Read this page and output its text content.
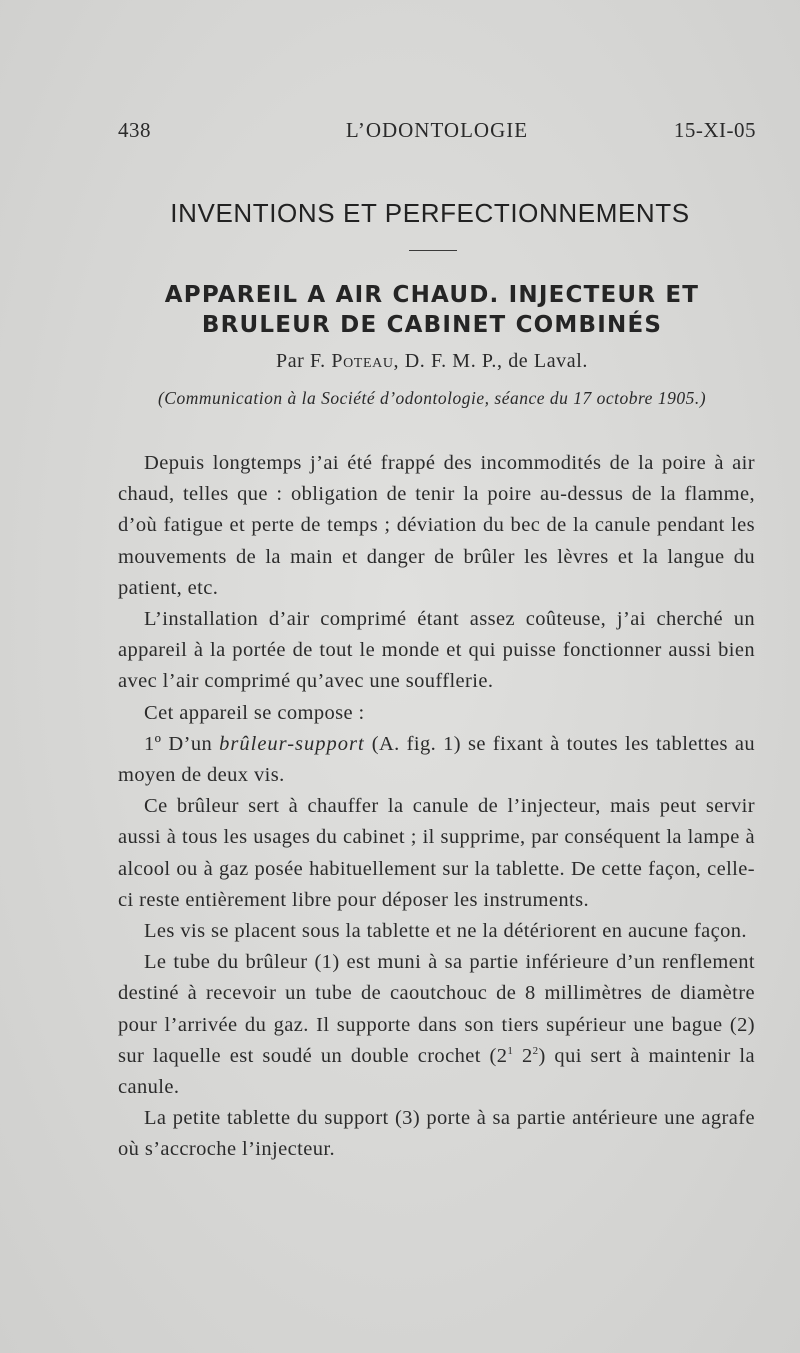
438	L’ODONTOLOGIE	15-XI-05
INVENTIONS ET PERFECTIONNEMENTS
APPAREIL A AIR CHAUD. INJECTEUR ET
BRULEUR DE CABINET COMBINÉS
Par F. Poteau, D. F. M. P., de Laval.
(Communication à la Société d’odontologie, séance du 17 octobre 1905.)

Depuis longtemps j’ai été frappé des incommodités de la poire à air chaud, telles que : obligation de tenir la poire au-dessus de la flamme, d’où fatigue et perte de temps ; déviation du bec de la canule pendant les mouvements de la main et danger de brûler les lèvres et la langue du patient, etc.

L’installation d’air comprimé étant assez coûteuse, j’ai cherché un appareil à la portée de tout le monde et qui puisse fonctionner aussi bien avec l’air comprimé qu’avec une soufflerie.

Cet appareil se compose :

1º D’un brûleur-support (A. fig. 1) se fixant à toutes les tablettes au moyen de deux vis.

Ce brûleur sert à chauffer la canule de l’injecteur, mais peut servir aussi à tous les usages du cabinet ; il supprime, par conséquent la lampe à alcool ou à gaz posée habituellement sur la tablette. De cette façon, celle-ci reste entièrement libre pour déposer les instruments.

Les vis se placent sous la tablette et ne la détériorent en aucune façon.

Le tube du brûleur (1) est muni à sa partie inférieure d’un renflement destiné à recevoir un tube de caoutchouc de 8 millimètres de diamètre pour l’arrivée du gaz. Il supporte dans son tiers supérieur une bague (2) sur laquelle est soudé un double crochet ($2^1$ $2^2$) qui sert à maintenir la canule.

La petite tablette du support (3) porte à sa partie antérieure une agrafe où s’accroche l’injecteur.
